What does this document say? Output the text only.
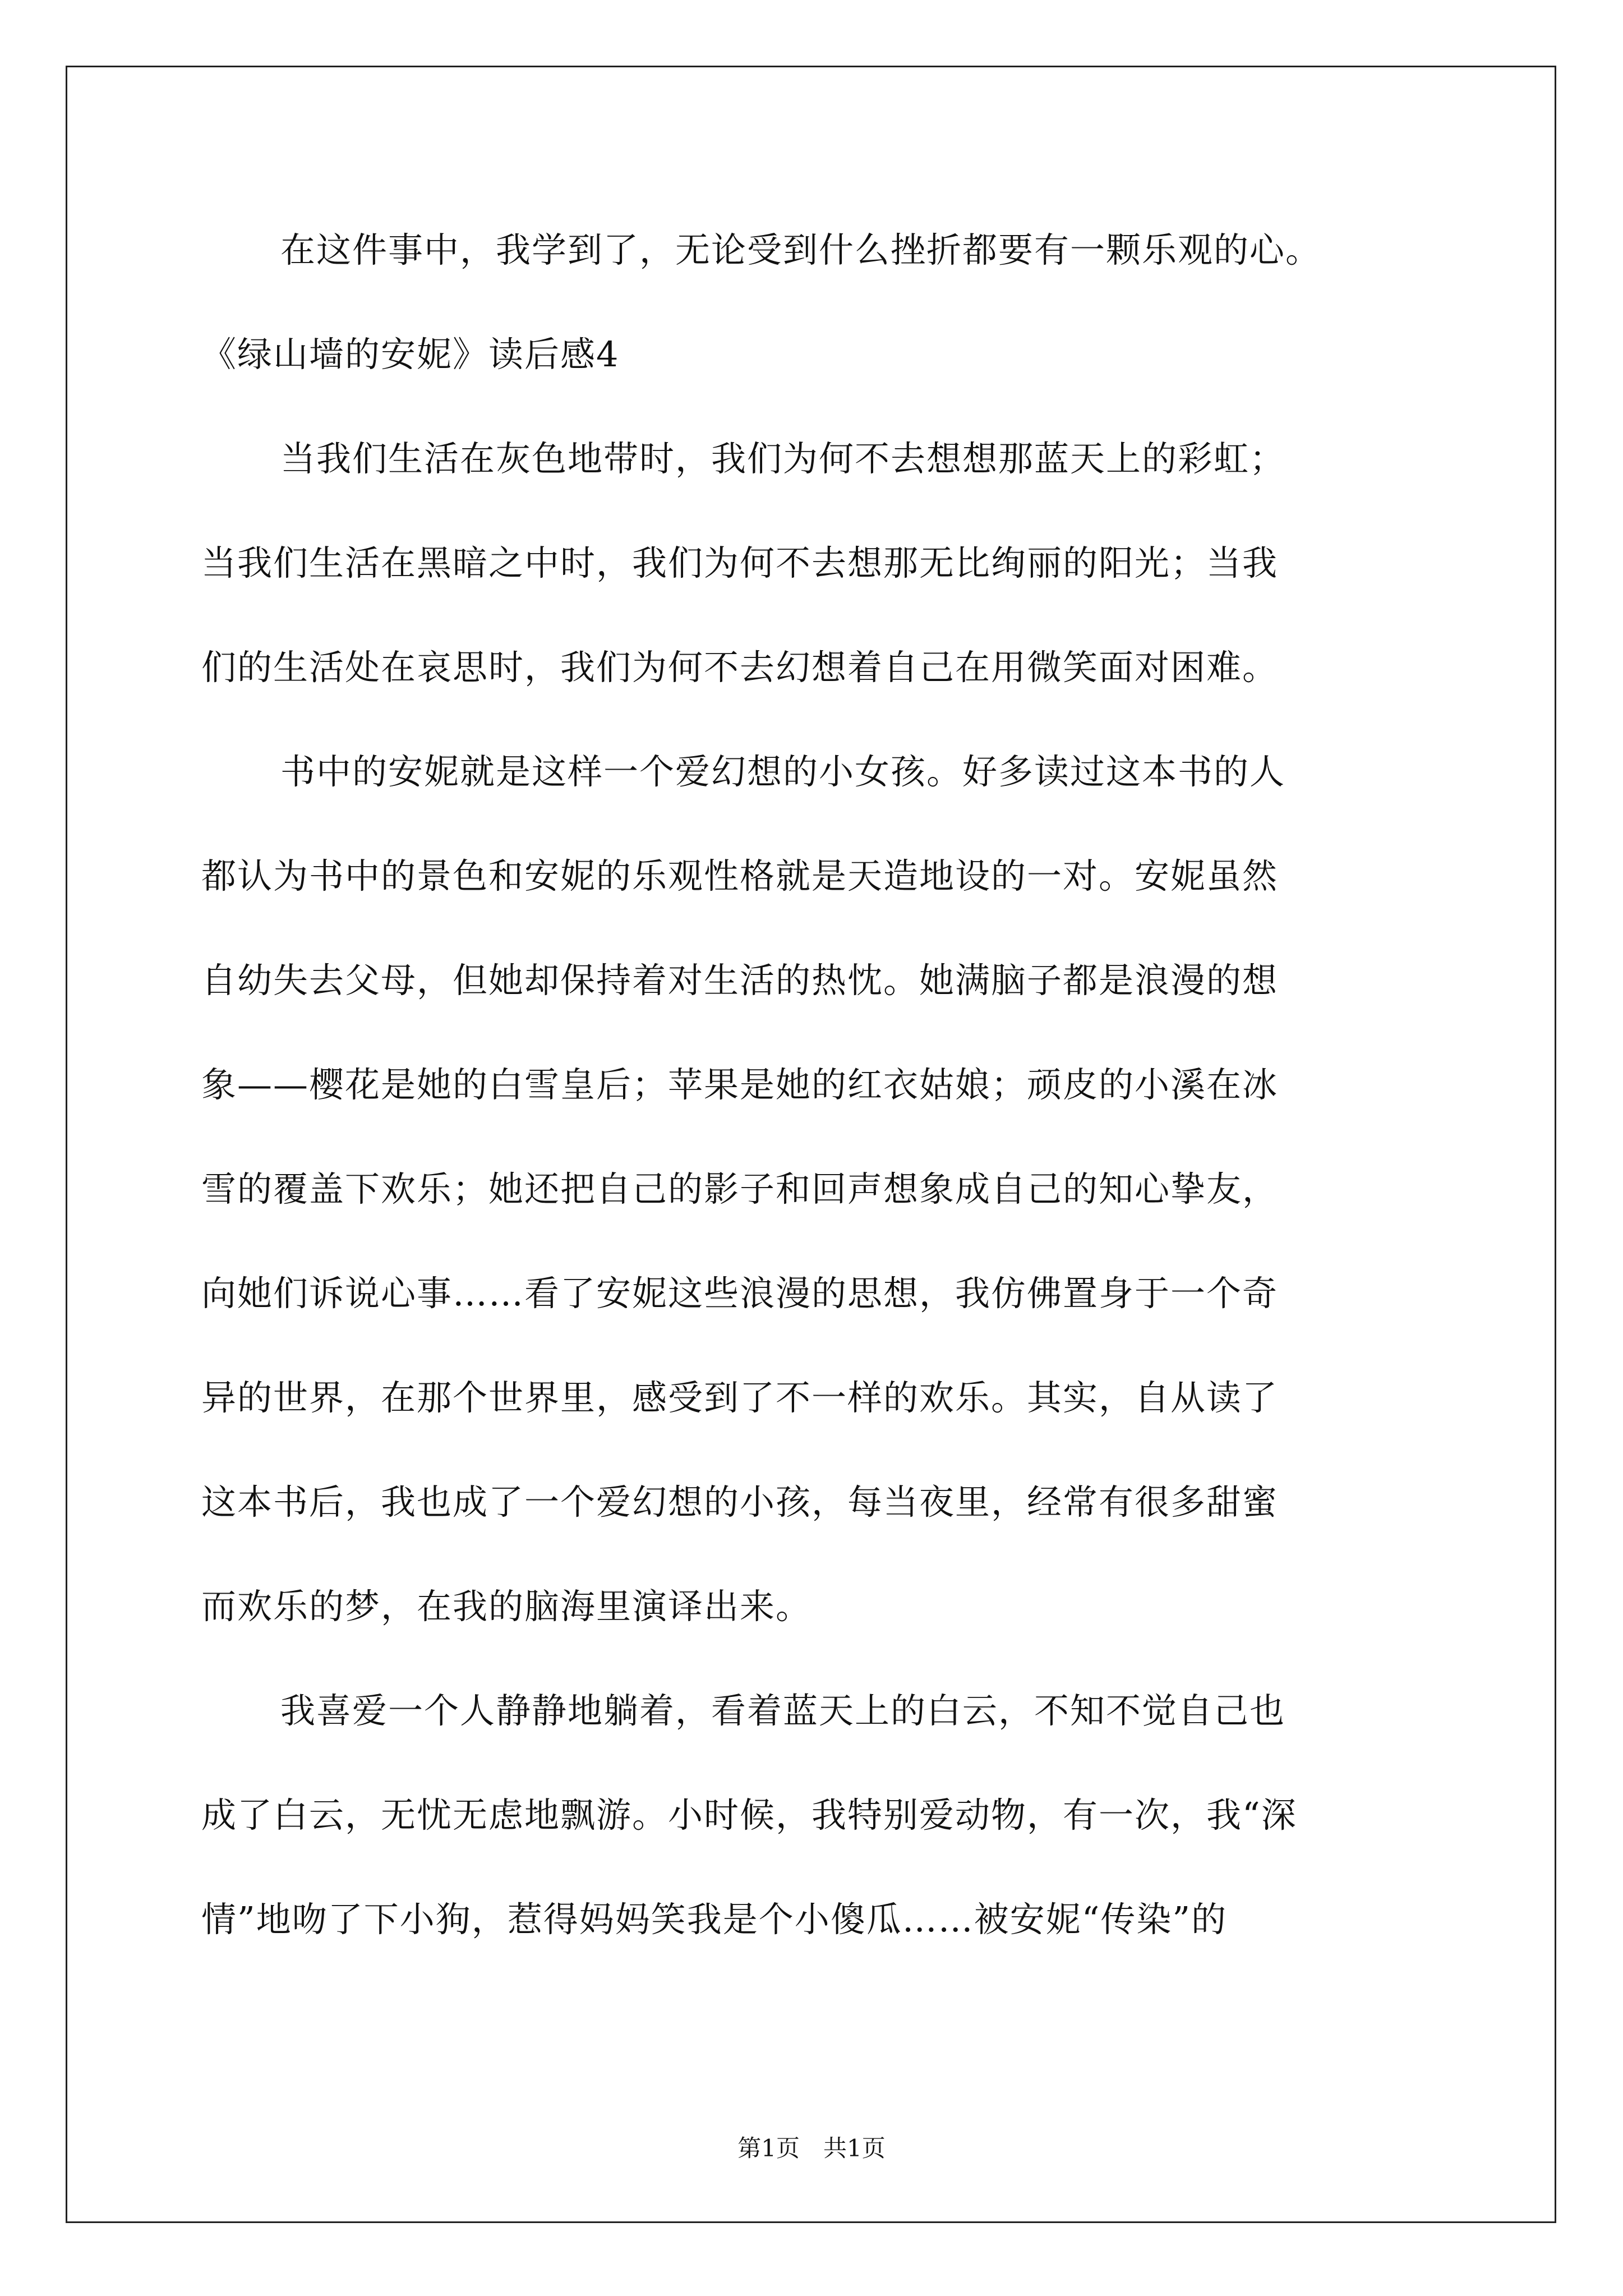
在这件事中，我学到了，无论受到什么挫折都要有一颗乐观的心。
《绿山墙的安妮》读后感4
当我们生活在灰色地带时，我们为何不去想想那蓝天上的彩虹；
当我们生活在黑暗之中时，我们为何不去想那无比绚丽的阳光；当我
们的生活处在哀思时，我们为何不去幻想着自己在用微笑面对困难。
书中的安妮就是这样一个爱幻想的小女孩。好多读过这本书的人
都认为书中的景色和安妮的乐观性格就是天造地设的一对。安妮虽然
自幼失去父母，但她却保持着对生活的热忱。她满脑子都是浪漫的想
象——樱花是她的白雪皇后；苹果是她的红衣姑娘；顽皮的小溪在冰
雪的覆盖下欢乐；她还把自己的影子和回声想象成自己的知心挚友，
向她们诉说心事……看了安妮这些浪漫的思想，我仿佛置身于一个奇
异的世界，在那个世界里，感受到了不一样的欢乐。其实，自从读了
这本书后，我也成了一个爱幻想的小孩，每当夜里，经常有很多甜蜜
而欢乐的梦，在我的脑海里演译出来。
我喜爱一个人静静地躺着，看着蓝天上的白云，不知不觉自己也
成了白云，无忧无虑地飘游。小时候，我特别爱动物，有一次，我“深
情”地吻了下小狗，惹得妈妈笑我是个小傻瓜……被安妮“传染”的
第1页　共1页
